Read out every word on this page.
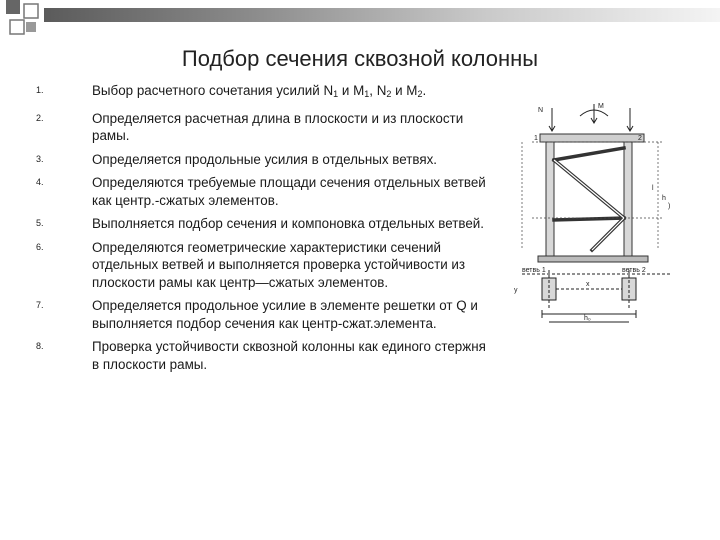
Подбор сечения сквозной колонны
1.	Выбор расчетного сочетания усилий $N_1$ и $M_1$, $N_2$ и $M_2$.
2.	Определяется расчетная длина в плоскости и из плоскости рамы.
3.	Определяется продольные усилия в отдельных ветвях.
4.	Определяются требуемые площади сечения отдельных ветвей как центр.-сжатых элементов.
5.	Выполняется подбор сечения и компоновка отдельных ветвей.
6.	Определяются геометрические характеристики сечений отдельных ветвей и выполняется проверка устойчивости из плоскости рамы как центр—сжатых элементов.
7.	Определяется продольное усилие в элементе решетки от Q и выполняется подбор сечения как центр-сжат.элемента.
8.	Проверка устойчивости сквозной колонны как единого стержня в плоскости рамы.
N
M
h
1	2
ветвь 1	ветвь 2
y
x
h₀
l
)
